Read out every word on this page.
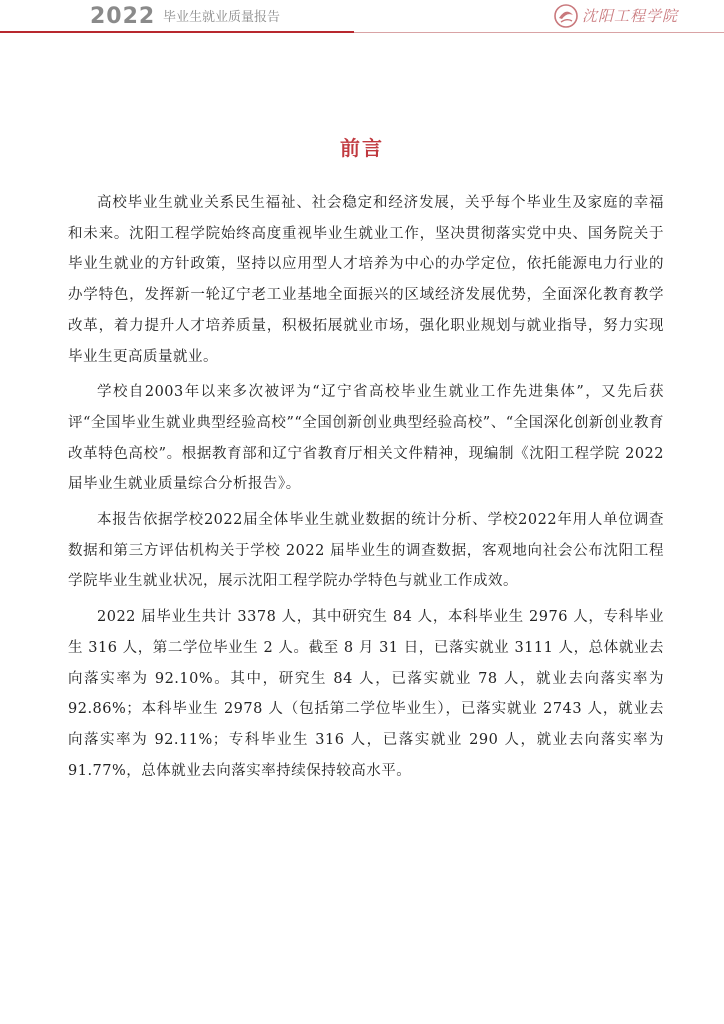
2022 毕业生就业质量报告	沈阳工程学院
前言

高校毕业生就业关系民生福祉、社会稳定和经济发展，关乎每个毕业生及家庭的幸福和未来。沈阳工程学院始终高度重视毕业生就业工作，坚决贯彻落实党中央、国务院关于毕业生就业的方针政策，坚持以应用型人才培养为中心的办学定位，依托能源电力行业的办学特色，发挥新一轮辽宁老工业基地全面振兴的区域经济发展优势，全面深化教育教学改革，着力提升人才培养质量，积极拓展就业市场，强化职业规划与就业指导，努力实现毕业生更高质量就业。

学校自2003年以来多次被评为“辽宁省高校毕业生就业工作先进集体”，又先后获评“全国毕业生就业典型经验高校”“全国创新创业典型经验高校”、“全国深化创新创业教育改革特色高校”。根据教育部和辽宁省教育厅相关文件精神，现编制《沈阳工程学院 2022 届毕业生就业质量综合分析报告》。

本报告依据学校2022届全体毕业生就业数据的统计分析、学校2022年用人单位调查数据和第三方评估机构关于学校 2022 届毕业生的调查数据，客观地向社会公布沈阳工程学院毕业生就业状况，展示沈阳工程学院办学特色与就业工作成效。

2022 届毕业生共计 3378 人，其中研究生 84 人，本科毕业生 2976 人，专科毕业生 316 人，第二学位毕业生 2 人。截至 8 月 31 日，已落实就业 3111 人，总体就业去向落实率为 92.10%。其中，研究生 84 人，已落实就业 78 人，就业去向落实率为 92.86%；本科毕业生 2978 人（包括第二学位毕业生），已落实就业 2743 人，就业去向落实率为 92.11%；专科毕业生 316 人，已落实就业 290 人，就业去向落实率为 91.77%，总体就业去向落实率持续保持较高水平。
